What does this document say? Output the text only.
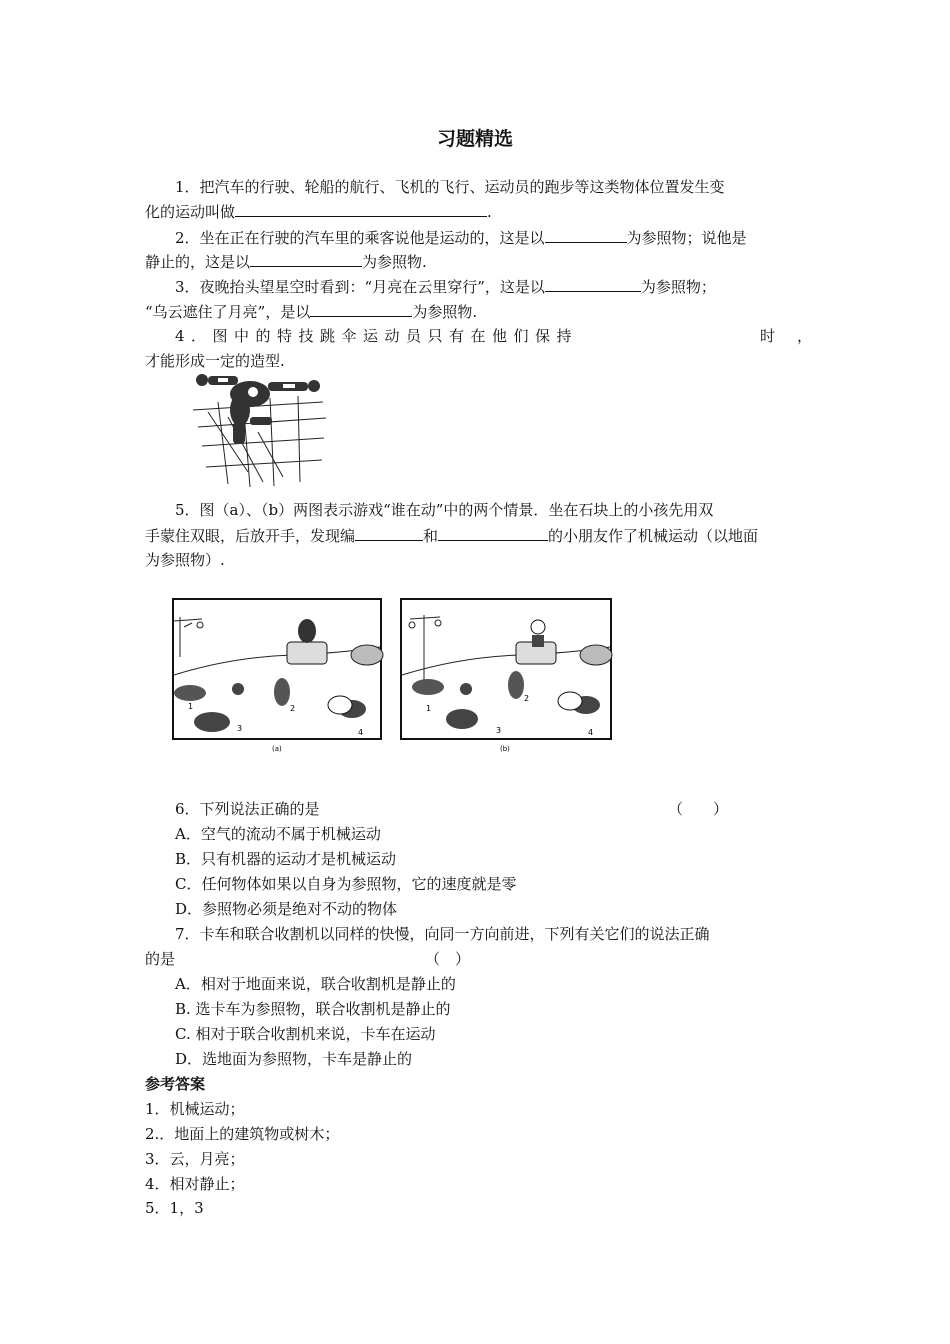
习题精选
1．把汽车的行驶、轮船的航行、飞机的飞行、运动员的跑步等这类物体位置发生变
化的运动叫做	.
2．坐在正在行驶的汽车里的乘客说他是运动的，这是以	为参照物；说他是
静止的，这是以	为参照物.
3．夜晚抬头望星空时看到：“月亮在云里穿行”，这是以	为参照物；
“乌云遮住了月亮”，是以	为参照物.
4．图中的特技跳伞运动员只有在他们保持	时，
才能形成一定的造型.
5．图（a）、（b）两图表示游戏“谁在动”中的两个情景．坐在石块上的小孩先用双
手蒙住双眼，后放开手，发现编	和	的小朋友作了机械运动（以地面
为参照物）.
1	2
3	4
(a)
1
2
3	4
(b)
6．下列说法正确的是	（　　）
A．空气的流动不属于机械运动
B．只有机器的运动才是机械运动
C．任何物体如果以自身为参照物，它的速度就是零
D．参照物必须是绝对不动的物体
7．卡车和联合收割机以同样的快慢，向同一方向前进，下列有关它们的说法正确
的是	（　）
A．相对于地面来说，联合收割机是静止的
B. 选卡车为参照物，联合收割机是静止的
C. 相对于联合收割机来说，卡车在运动
D．选地面为参照物，卡车是静止的
参考答案
1．机械运动；
2.．地面上的建筑物或树木；
3．云，月亮；
4．相对静止；
5．1，3
